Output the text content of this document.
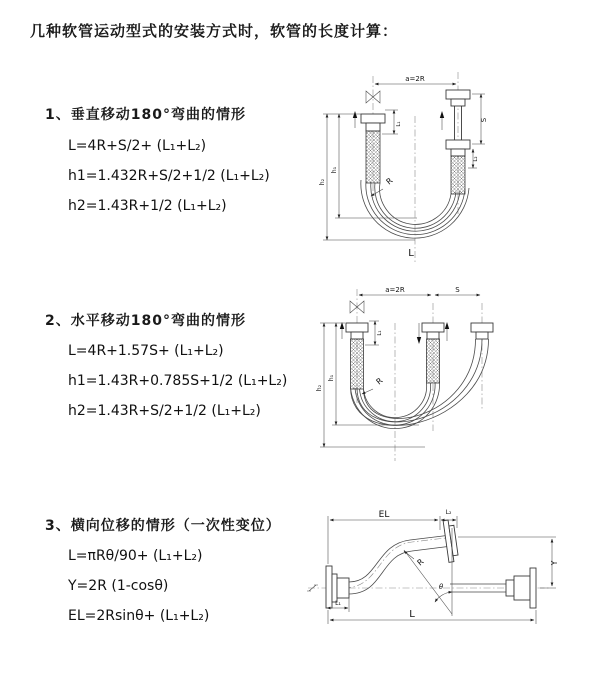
几种软管运动型式的安装方式时，软管的长度计算：
1、垂直移动180°弯曲的情形
L=4R+S/2+ (L₁+L₂)
h1=1.432R+S/2+1/2 (L₁+L₂)
h2=1.43R+1/2 (L₁+L₂)
a=2R
L₁
S
L₂
h₂
h₁
R
L
2、水平移动180°弯曲的情形
L=4R+1.57S+ (L₁+L₂)
h1=1.43R+0.785S+1/2 (L₁+L₂)
h2=1.43R+S/2+1/2 (L₁+L₂)
a=2R	S
L₁
h₂
h₁	R
3、横向位移的情形（一次性变位）
L=πRθ/90+ (L₁+L₂)
Y=2R (1-cosθ)
EL=2Rsinθ+ (L₁+L₂)
EL	L₂
Y
θ
R
L₁
L
